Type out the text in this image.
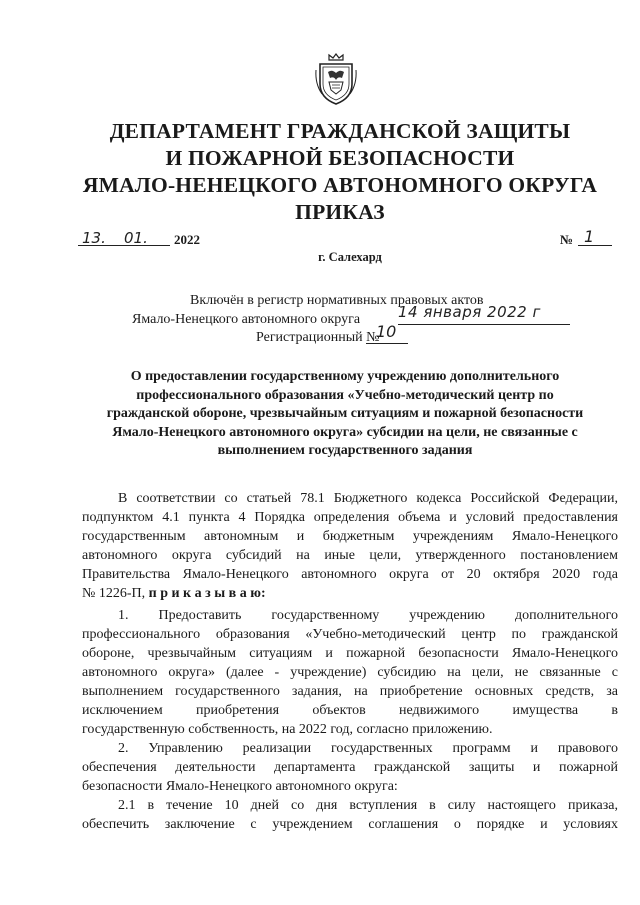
ДЕПАРТАМЕНТ ГРАЖДАНСКОЙ ЗАЩИТЫ
И ПОЖАРНОЙ БЕЗОПАСНОСТИ
ЯМАЛО-НЕНЕЦКОГО АВТОНОМНОГО ОКРУГА
ПРИКАЗ
13. 01. 2022	№ 1
г. Салехард
Включён в регистр нормативных правовых актов
Ямало-Ненецкого автономного округа	14 января 2022 г
Регистрационный №
10
О предоставлении государственному учреждению дополнительного
профессионального образования «Учебно-методический центр по
гражданской обороне, чрезвычайным ситуациям и пожарной безопасности
Ямало-Ненецкого автономного округа» субсидии на цели, не связанные с
выполнением государственного задания
В соответствии со статьей 78.1 Бюджетного кодекса Российской Федерации,
подпунктом 4.1 пункта 4 Порядка определения объема и условий предоставления
государственным автономным и бюджетным учреждениям Ямало-Ненецкого
автономного округа субсидий на иные цели, утвержденного постановлением
Правительства Ямало-Ненецкого автономного округа от 20 октября 2020 года
№ 1226-П, п р и к а з ы в а ю:
1. Предоставить государственному учреждению дополнительного
профессионального образования «Учебно-методический центр по гражданской
обороне, чрезвычайным ситуациям и пожарной безопасности Ямало-Ненецкого
автономного округа» (далее - учреждение) субсидию на цели, не связанные с
выполнением государственного задания, на приобретение основных средств, за
исключением приобретения объектов недвижимого имущества в
государственную собственность, на 2022 год, согласно приложению.
2. Управлению реализации государственных программ и правового
обеспечения деятельности департамента гражданской защиты и пожарной
безопасности Ямало-Ненецкого автономного округа:
2.1 в течение 10 дней со дня вступления в силу настоящего приказа,
обеспечить заключение с учреждением соглашения о порядке и условиях
